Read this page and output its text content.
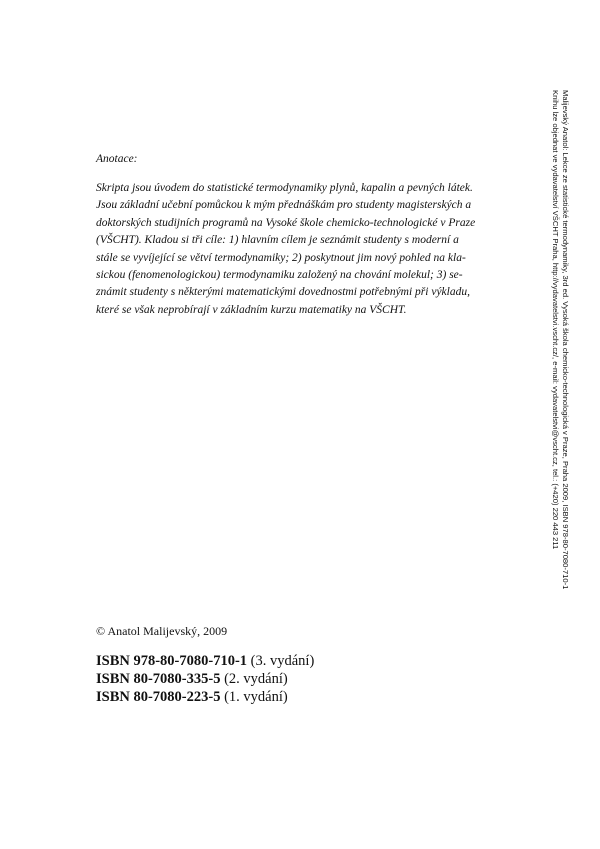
Anotace:
Skripta jsou úvodem do statistické termodynamiky plynů, kapalin a pevných látek.
Jsou základní učební pomůckou k mým přednáškám pro studenty magisterských a
doktorských studijních programů na Vysoké škole chemicko-technologické v Praze
(VŠCHT). Kladou si tři cíle: 1) hlavním cílem je seznámit studenty s moderní a
stále se vyvíjející se větví termodynamiky; 2) poskytnout jim nový pohled na kla-
sickou (fenomenologickou) termodynamiku založený na chování molekul; 3) se-
známit studenty s některými matematickými dovednostmi potřebnými při výkladu,
které se však neprobírají v základním kurzu matematiky na VŠCHT.
© Anatol Malijevský, 2009
ISBN 978-80-7080-710-1 (3. vydání)
ISBN 80-7080-335-5 (2. vydání)
ISBN 80-7080-223-5 (1. vydání)
Malijevský Anatol: Lekce ze statistické termodynamiky, 3rd ed. Vysoká škola chemicko-technologická v Praze, Praha 2009, ISBN 978-80-7080-710-1
Knihu lze objednat ve vydavatelství VŠCHT Praha, http://vydavatelstvi.vscht.cz/, e-mail: vydavatelstvi@vscht.cz, tel.: (+420) 220 443 211
